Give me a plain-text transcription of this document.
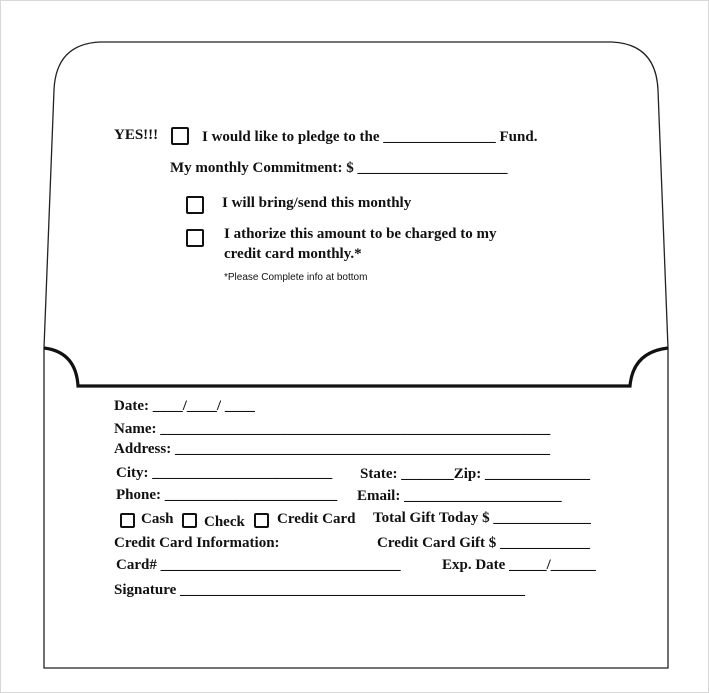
YES!!!	I would like to pledge to the _______________ Fund.
My monthly Commitment: $ ____________________
I will bring/send this monthly
I athorize this amount to be charged to my
credit card monthly.*
*Please Complete info at bottom
Date: ____/____/ ____
Name: ____________________________________________________
Address: __________________________________________________
City: ________________________ State: _______Zip: ______________
Phone: _______________________ Email: _____________________
Cash Check Credit Card Total Gift Today $ _____________
Credit Card Information:	Credit Card Gift $ ____________
Card# ________________________________	Exp. Date _____/______
Signature ______________________________________________
